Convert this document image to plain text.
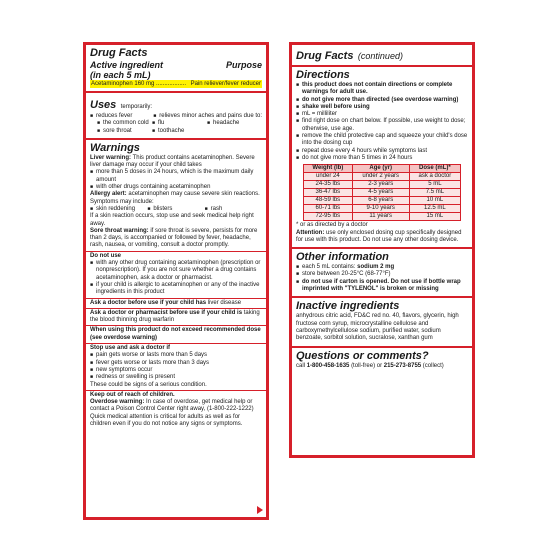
Drug Facts
Active ingredient	Purpose
(in each 5 mL)
Acetaminophen 160 mg .................. Pain reliever/fever reducer
Uses temporarily:
■ reduces fever	■ relieves minor aches and pains due to:
■ the common cold	■ flu	■ headache
■ sore throat	■ toothache
Warnings
Liver warning: This product contains acetaminophen. Severe liver damage may occur if your child takes
■ more than 5 doses in 24 hours, which is the maximum daily amount
■ with other drugs containing acetaminophen
Allergy alert: acetaminophen may cause severe skin reactions. Symptoms may include:
■ skin reddening	■ blisters	■ rash
If a skin reaction occurs, stop use and seek medical help right away.
Sore throat warning: if sore throat is severe, persists for more than 2 days, is accompanied or followed by fever, headache, rash, nausea, or vomiting, consult a doctor promptly.
Do not use
■ with any other drug containing acetaminophen (prescription or nonprescription). If you are not sure whether a drug contains acetaminophen, ask a doctor or pharmacist.
■ if your child is allergic to acetaminophen or any of the inactive ingredients in this product
Ask a doctor before use if your child has liver disease
Ask a doctor or pharmacist before use if your child is taking the blood thinning drug warfarin
When using this product do not exceed recommended dose (see overdose warning)
Stop use and ask a doctor if
■ pain gets worse or lasts more than 5 days
■ fever gets worse or lasts more than 3 days
■ new symptoms occur
■ redness or swelling is present
These could be signs of a serious condition.
Keep out of reach of children.
Overdose warning: In case of overdose, get medical help or contact a Poison Control Center right away, (1-800-222-1222) Quick medical attention is critical for adults as well as for children even if you do not notice any signs or symptoms.
Drug Facts (continued)
Directions
■ this product does not contain directions or complete warnings for adult use.
■ do not give more than directed (see overdose warning)
■ shake well before using
■ mL = milliliter
■ find right dose on chart below. If possible, use weight to dose; otherwise, use age.
■ remove the child protective cap and squeeze your child's dose into the dosing cup
■ repeat dose every 4 hours while symptoms last
■ do not give more than 5 times in 24 hours
Weight (lb)	Age (yr)	Dose (mL)*
under 24	under 2 years	ask a doctor
24-35 lbs	2-3 years	5 mL
36-47 lbs	4-5 years	7.5 mL
48-59 lbs	6-8 years	10 mL
60-71 lbs	9-10 years	12.5 mL
72-95 lbs	11 years	15 mL
* or as directed by a doctor
Attention: use only enclosed dosing cup specifically designed for use with this product. Do not use any other dosing device.
Other information
■ each 5 mL contains: sodium 2 mg
■ store between 20-25°C (68-77°F)
■ do not use if carton is opened. Do not use if bottle wrap imprinted with "TYLENOL" is broken or missing
Inactive ingredients
anhydrous citric acid, FD&C red no. 40, flavors, glycerin, high fructose corn syrup, microcrystalline cellulose and carboxymethylcellulose sodium, purified water, sodium benzoate, sorbitol solution, sucralose, xanthan gum
Questions or comments?
call 1-800-458-1635 (toll-free) or 215-273-8755 (collect)
